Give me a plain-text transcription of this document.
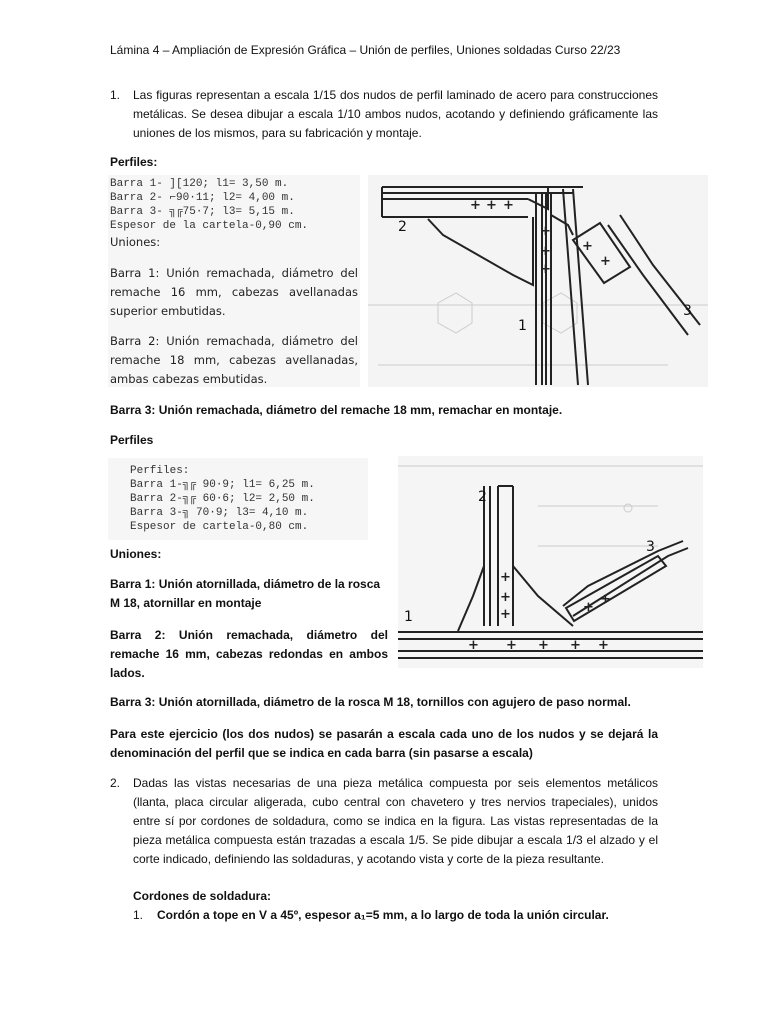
Lámina 4 – Ampliación de Expresión Gráfica – Unión de perfiles, Uniones soldadas Curso 22/23
1. Las figuras representan a escala 1/15 dos nudos de perfil laminado de acero para construcciones metálicas. Se desea dibujar a escala 1/10 ambos nudos, acotando y definiendo gráficamente las uniones de los mismos, para su fabricación y montaje.
Perfiles:
Barra 1- ][120; l1= 3,50 m.
Barra 2- ⌐90·11; l2= 4,00 m.
Barra 3- ╗╔75·7; l3= 5,15 m.
Espesor de la cartela-0,90 cm.
Uniones:
Barra 1: Unión remachada, diámetro del remache 16 mm, cabezas avellanadas superior embutidas.
Barra 2: Unión remachada, diámetro del remache 18 mm, cabezas avellanadas, ambas cabezas embutidas.
+ + +
+
+
+
+
+
2
3
1
Barra 3: Unión remachada, diámetro del remache 18 mm, remachar en montaje.
Perfiles
Perfiles:
Barra 1-╗╔ 90·9; l1= 6,25 m.
Barra 2-╗╔ 60·6; l2= 2,50 m.
Barra 3-╗ 70·9; l3= 4,10 m.
Espesor de cartela-0,80 cm.
+
+
+
+ + + + +
+
+
2
3
1
Uniones:
Barra 1: Unión atornillada, diámetro de la rosca M 18, atornillar en montaje
Barra 2: Unión remachada, diámetro del remache 16 mm, cabezas redondas en ambos lados.
Barra 3: Unión atornillada, diámetro de la rosca M 18, tornillos con agujero de paso normal.
Para este ejercicio (los dos nudos) se pasarán a escala cada uno de los nudos y se dejará la denominación del perfil que se indica en cada barra (sin pasarse a escala)
2. Dadas las vistas necesarias de una pieza metálica compuesta por seis elementos metálicos (llanta, placa circular aligerada, cubo central con chavetero y tres nervios trapeciales), unidos entre sí por cordones de soldadura, como se indica en la figura. Las vistas representadas de la pieza metálica compuesta están trazadas a escala 1/5. Se pide dibujar a escala 1/3 el alzado y el corte indicado, definiendo las soldaduras, y acotando vista y corte de la pieza resultante.
Cordones de soldadura:
1. Cordón a tope en V a 45º, espesor a₁=5 mm, a lo largo de toda la unión circular.
